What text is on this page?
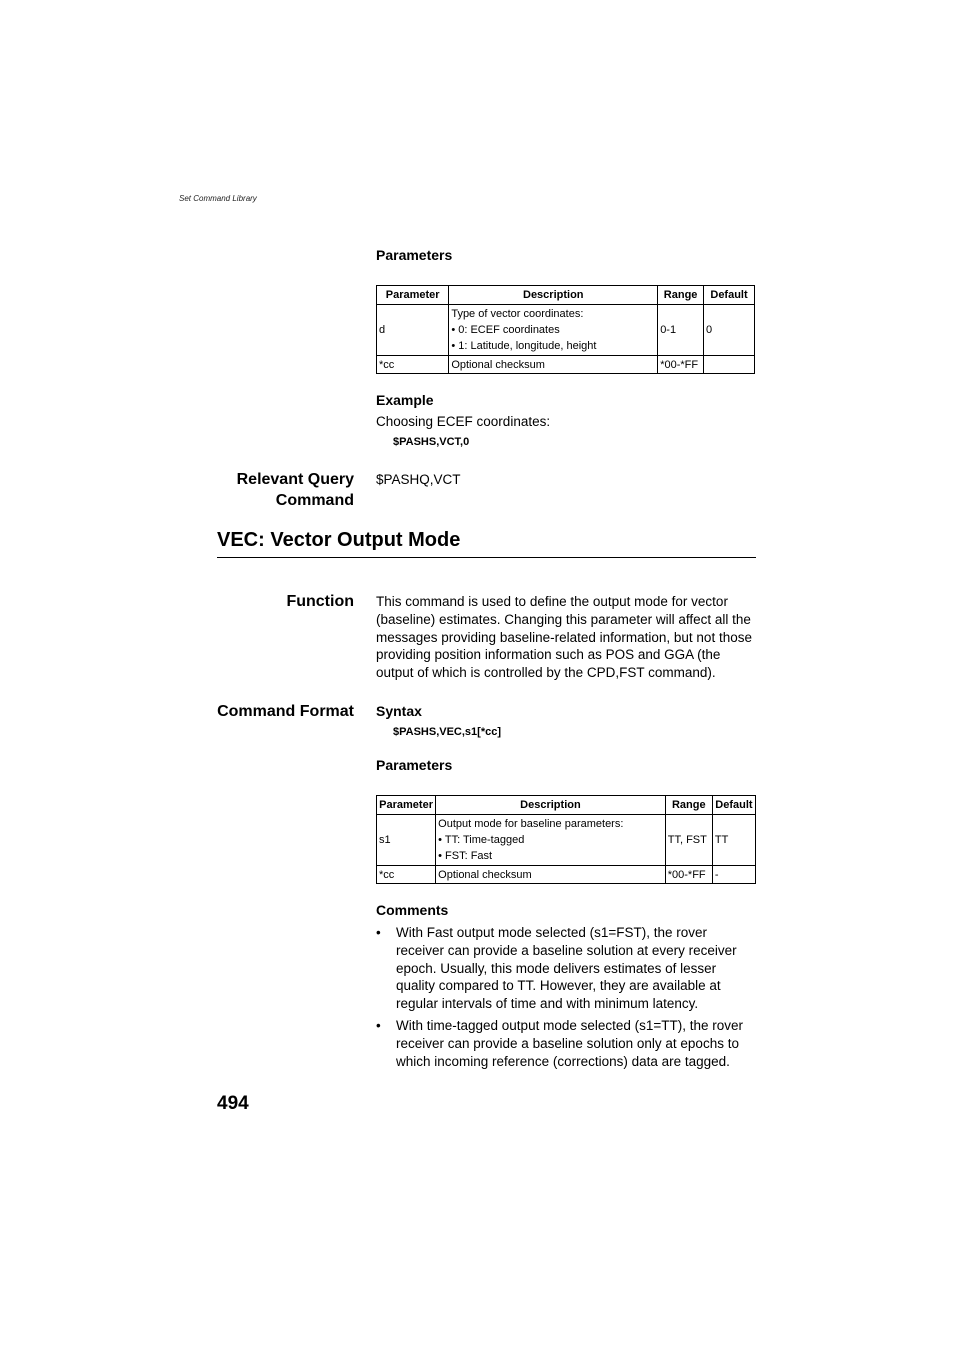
Set Command Library
Parameters
Parameter	Description	Range	Default
d	Type of vector coordinates:
• 0: ECEF coordinates
• 1: Latitude, longitude, height	0-1	0
*cc	Optional checksum	*00-*FF	
Example
Choosing ECEF coordinates:
$PASHS,VCT,0
Relevant Query
Command
$PASHQ,VCT
VEC: Vector Output Mode
Function This command is used to define the output mode for vector (baseline) estimates. Changing this parameter will affect all the messages providing baseline-related information, but not those providing position information such as POS and GGA (the output of which is controlled by the CPD,FST command).
Command Format Syntax
$PASHS,VEC,s1[*cc]
Parameters
Parameter	Description	Range	Default
s1	Output mode for baseline parameters:
• TT: Time-tagged
• FST: Fast	TT, FST	TT
*cc	Optional checksum	*00-*FF	-
Comments
• With Fast output mode selected (s1=FST), the rover receiver can provide a baseline solution at every receiver epoch. Usually, this mode delivers estimates of lesser quality compared to TT. However, they are available at regular intervals of time and with minimum latency.
• With time-tagged output mode selected (s1=TT), the rover receiver can provide a baseline solution only at epochs to which incoming reference (corrections) data are tagged.
494
